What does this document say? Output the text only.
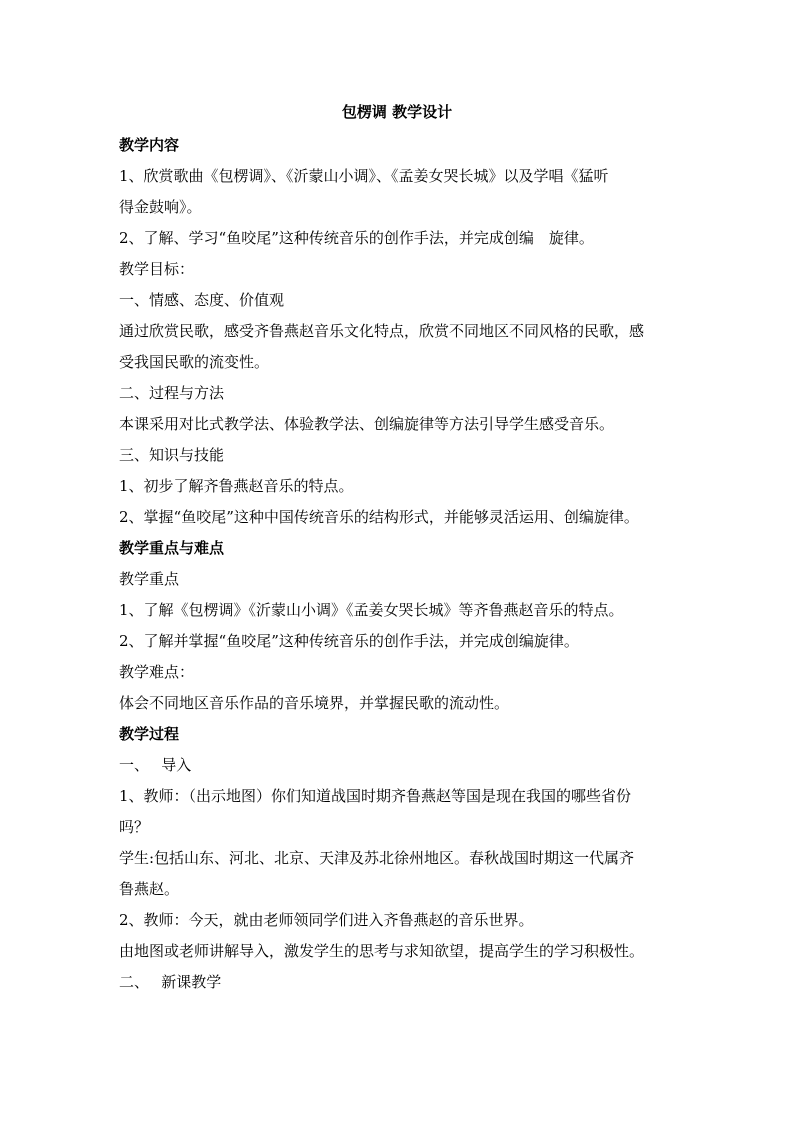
包楞调 教学设计

教学内容

1、欣赏歌曲《包楞调》、《沂蒙山小调》、《孟姜女哭长城》以及学唱《猛听

得金鼓响》。

2、了解、学习“鱼咬尾”这种传统音乐的创作手法，并完成创编　旋律。

教学目标：

一、情感、态度、价值观

通过欣赏民歌，感受齐鲁燕赵音乐文化特点，欣赏不同地区不同风格的民歌，感

受我国民歌的流变性。

二、过程与方法

本课采用对比式教学法、体验教学法、创编旋律等方法引导学生感受音乐。

三、知识与技能

1、初步了解齐鲁燕赵音乐的特点。

2、掌握“鱼咬尾”这种中国传统音乐的结构形式，并能够灵活运用、创编旋律。

教学重点与难点

教学重点

1、了解《包楞调》《沂蒙山小调》《孟姜女哭长城》等齐鲁燕赵音乐的特点。

2、了解并掌握“鱼咬尾”这种传统音乐的创作手法，并完成创编旋律。

教学难点：

体会不同地区音乐作品的音乐境界，并掌握民歌的流动性。

教学过程

一、　 导入

1、教师：（出示地图）你们知道战国时期齐鲁燕赵等国是现在我国的哪些省份

吗？

学生:包括山东、河北、北京、天津及苏北徐州地区。春秋战国时期这一代属齐

鲁燕赵。

2、教师：今天，就由老师领同学们进入齐鲁燕赵的音乐世界。

由地图或老师讲解导入，激发学生的思考与求知欲望，提高学生的学习积极性。

二、　 新课教学
